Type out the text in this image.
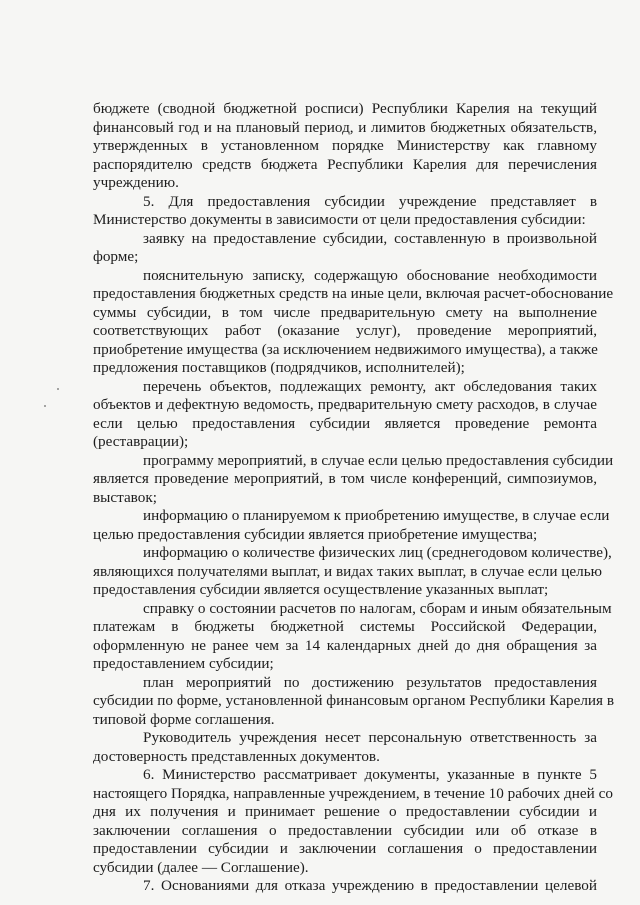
бюджете (сводной бюджетной росписи) Республики Карелия на текущий
финансовый год и на плановый период, и лимитов бюджетных обязательств,
утвержденных в установленном порядке Министерству как главному
распорядителю средств бюджета Республики Карелия для перечисления
учреждению.
5. Для предоставления субсидии учреждение представляет в
Министерство документы в зависимости от цели предоставления субсидии:
заявку на предоставление субсидии, составленную в произвольной
форме;
пояснительную записку, содержащую обоснование необходимости
предоставления бюджетных средств на иные цели, включая расчет-обоснование
суммы субсидии, в том числе предварительную смету на выполнение
соответствующих работ (оказание услуг), проведение мероприятий,
приобретение имущества (за исключением недвижимого имущества), а также
предложения поставщиков (подрядчиков, исполнителей);
перечень объектов, подлежащих ремонту, акт обследования таких
объектов и дефектную ведомость, предварительную смету расходов, в случае
если целью предоставления субсидии является проведение ремонта
(реставрации);
программу мероприятий, в случае если целью предоставления субсидии
является проведение мероприятий, в том числе конференций, симпозиумов,
выставок;
информацию о планируемом к приобретению имуществе, в случае если
целью предоставления субсидии является приобретение имущества;
информацию о количестве физических лиц (среднегодовом количестве),
являющихся получателями выплат, и видах таких выплат, в случае если целью
предоставления субсидии является осуществление указанных выплат;
справку о состоянии расчетов по налогам, сборам и иным обязательным
платежам в бюджеты бюджетной системы Российской Федерации,
оформленную не ранее чем за 14 календарных дней до дня обращения за
предоставлением субсидии;
план мероприятий по достижению результатов предоставления
субсидии по форме, установленной финансовым органом Республики Карелия в
типовой форме соглашения.
Руководитель учреждения несет персональную ответственность за
достоверность представленных документов.
6. Министерство рассматривает документы, указанные в пункте 5
настоящего Порядка, направленные учреждением, в течение 10 рабочих дней со
дня их получения и принимает решение о предоставлении субсидии и
заключении соглашения о предоставлении субсидии или об отказе в
предоставлении субсидии и заключении соглашения о предоставлении
субсидии (далее — Соглашение).
7. Основаниями для отказа учреждению в предоставлении целевой
